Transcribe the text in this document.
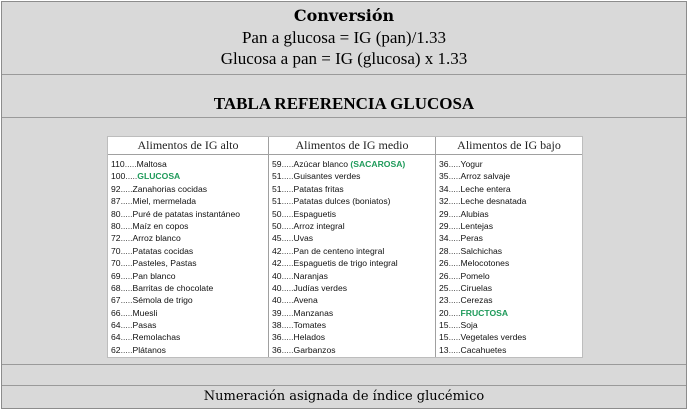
Conversión
Pan a glucosa = IG (pan)/1.33
Glucosa a pan = IG (glucosa) x 1.33
TABLA REFERENCIA GLUCOSA
Alimentos de IG alto
110.....Maltosa
100.....GLUCOSA
92.....Zanahorias cocidas
87.....Miel, mermelada
80.....Puré de patatas instantáneo
80.....Maíz en copos
72.....Arroz blanco
70.....Patatas cocidas
70.....Pasteles, Pastas
69.....Pan blanco
68.....Barritas de chocolate
67.....Sémola de trigo
66.....Muesli
64.....Pasas
64.....Remolachas
62.....Plátanos
Alimentos de IG medio
59.....Azúcar blanco (SACAROSA)
51.....Guisantes verdes
51.....Patatas fritas
51.....Patatas dulces (boniatos)
50.....Espaguetis
50.....Arroz integral
45.....Uvas
42.....Pan de centeno integral
42.....Espaguetis de trigo integral
40.....Naranjas
40.....Judías verdes
40.....Avena
39.....Manzanas
38.....Tomates
36.....Helados
36.....Garbanzos
Alimentos de IG bajo
36.....Yogur
35.....Arroz salvaje
34.....Leche entera
32.....Leche desnatada
29.....Alubias
29.....Lentejas
34.....Peras
28.....Salchichas
26.....Melocotones
26.....Pomelo
25.....Ciruelas
23.....Cerezas
20.....FRUCTOSA
15.....Soja
15.....Vegetales verdes
13.....Cacahuetes
Numeración asignada de índice glucémico
